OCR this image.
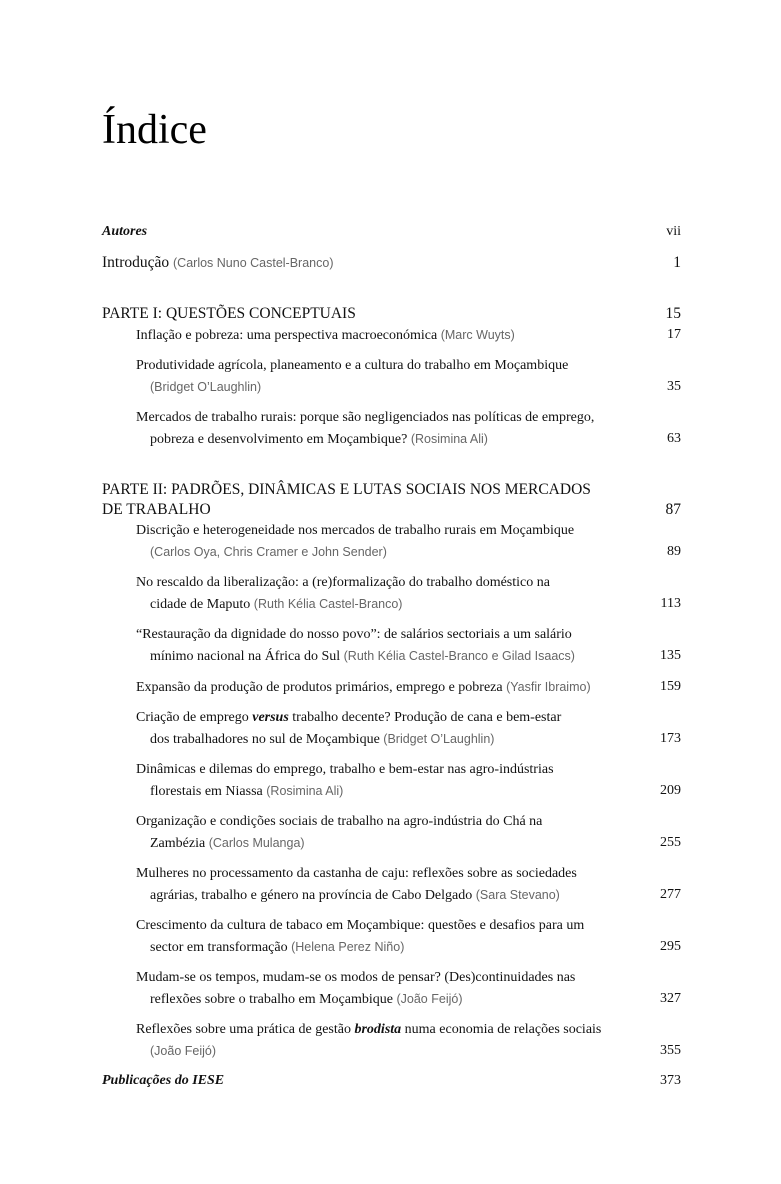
Índice
Autores	vii
Introdução (Carlos Nuno Castel-Branco)	1
PARTE I: QUESTÕES CONCEPTUAIS	15
Inflação e pobreza: uma perspectiva macroeconómica (Marc Wuyts)	17
Produtividade agrícola, planeamento e a cultura do trabalho em Moçambique
(Bridget O’Laughlin)	35
Mercados de trabalho rurais: porque são negligenciados nas políticas de emprego,
pobreza e desenvolvimento em Moçambique? (Rosimina Ali)	63
PARTE II: PADRÕES, DINÂMICAS E LUTAS SOCIAIS NOS MERCADOS
DE TRABALHO	87
Discrição e heterogeneidade nos mercados de trabalho rurais em Moçambique
(Carlos Oya, Chris Cramer e John Sender)	89
No rescaldo da liberalização: a (re)formalização do trabalho doméstico na
cidade de Maputo (Ruth Kélia Castel-Branco)	113
“Restauração da dignidade do nosso povo”: de salários sectoriais a um salário
mínimo nacional na África do Sul (Ruth Kélia Castel-Branco e Gilad Isaacs)	135
Expansão da produção de produtos primários, emprego e pobreza (Yasfir Ibraimo)	159
Criação de emprego versus trabalho decente? Produção de cana e bem-estar
dos trabalhadores no sul de Moçambique (Bridget O’Laughlin)	173
Dinâmicas e dilemas do emprego, trabalho e bem-estar nas agro-indústrias
florestais em Niassa (Rosimina Ali)	209
Organização e condições sociais de trabalho na agro-indústria do Chá na
Zambézia (Carlos Mulanga)	255
Mulheres no processamento da castanha de caju: reflexões sobre as sociedades
agrárias, trabalho e género na província de Cabo Delgado (Sara Stevano)	277
Crescimento da cultura de tabaco em Moçambique: questões e desafios para um
sector em transformação (Helena Perez Niño)	295
Mudam-se os tempos, mudam-se os modos de pensar? (Des)continuidades nas
reflexões sobre o trabalho em Moçambique (João Feijó)	327
Reflexões sobre uma prática de gestão brodista numa economia de relações sociais
(João Feijó)	355
Publicações do IESE	373
